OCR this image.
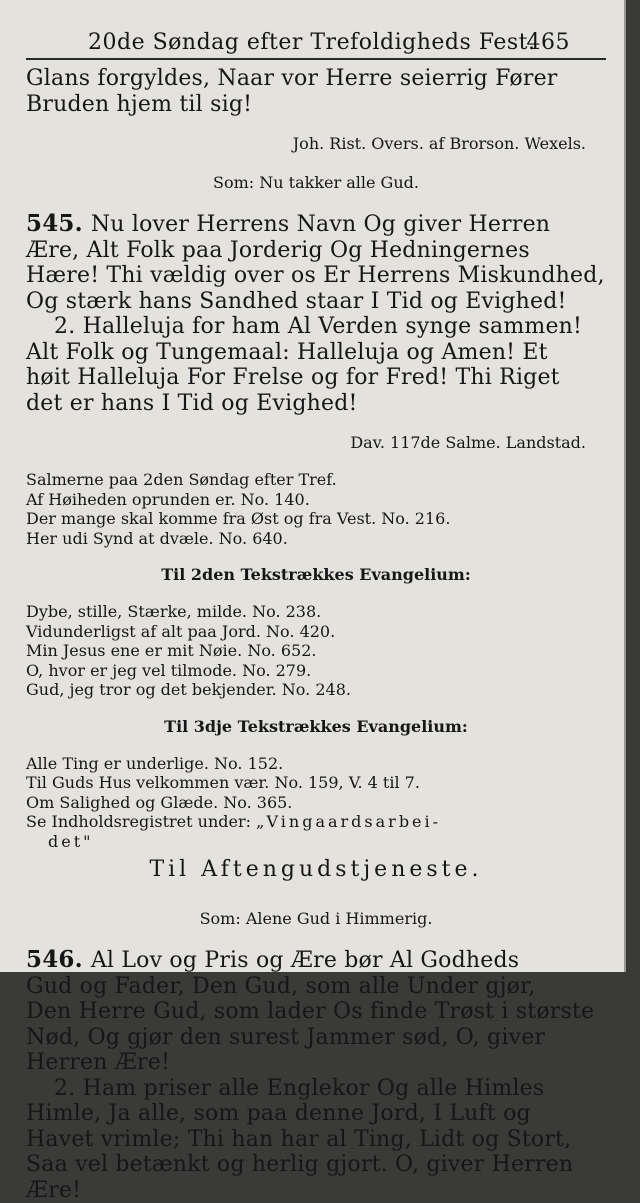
20de Søndag efter Trefoldigheds Fest.
465

Glans forgyldes, Naar vor Herre seierrig Fører

Bruden hjem til sig!

Joh. Rist. Overs. af Brorson. Wexels.

Som: Nu takker alle Gud.

545. Nu lover Herrens Navn Og giver Herren

Ære, Alt Folk paa Jorderig Og Hedningernes

Hære! Thi vældig over os Er Herrens Miskundhed,

Og stærk hans Sandhed staar I Tid og Evighed!

2. Halleluja for ham Al Verden synge sammen!

Alt Folk og Tungemaal: Halleluja og Amen! Et

høit Halleluja For Frelse og for Fred! Thi Riget

det er hans I Tid og Evighed!

Dav. 117de Salme. Landstad.

Salmerne paa 2den Søndag efter Tref.
Af Høiheden oprunden er. No. 140.
Der mange skal komme fra Øst og fra Vest. No. 216.
Her udi Synd at dvæle. No. 640.

Til 2den Tekstrækkes Evangelium:

Dybe, stille, Stærke, milde. No. 238.
Vidunderligst af alt paa Jord. No. 420.
Min Jesus ene er mit Nøie. No. 652.
O, hvor er jeg vel tilmode. No. 279.
Gud, jeg tror og det bekjender. No. 248.

Til 3dje Tekstrækkes Evangelium:

Alle Ting er underlige. No. 152.
Til Guds Hus velkommen vær. No. 159, V. 4 til 7.
Om Salighed og Glæde. No. 365.
Se Indholdsregistret under: „Vingaardsarbei-
det"

Til Aftengudstjeneste.

Som: Alene Gud i Himmerig.

546. Al Lov og Pris og Ære bør Al Godheds

Gud og Fader, Den Gud, som alle Under gjør,

Den Herre Gud, som lader Os finde Trøst i største

Nød, Og gjør den surest Jammer sød, O, giver

Herren Ære!

2. Ham priser alle Englekor Og alle Himles

Himle, Ja alle, som paa denne Jord, I Luft og

Havet vrimle; Thi han har al Ting, Lidt og Stort,

Saa vel betænkt og herlig gjort. O, giver Herren

Ære!
